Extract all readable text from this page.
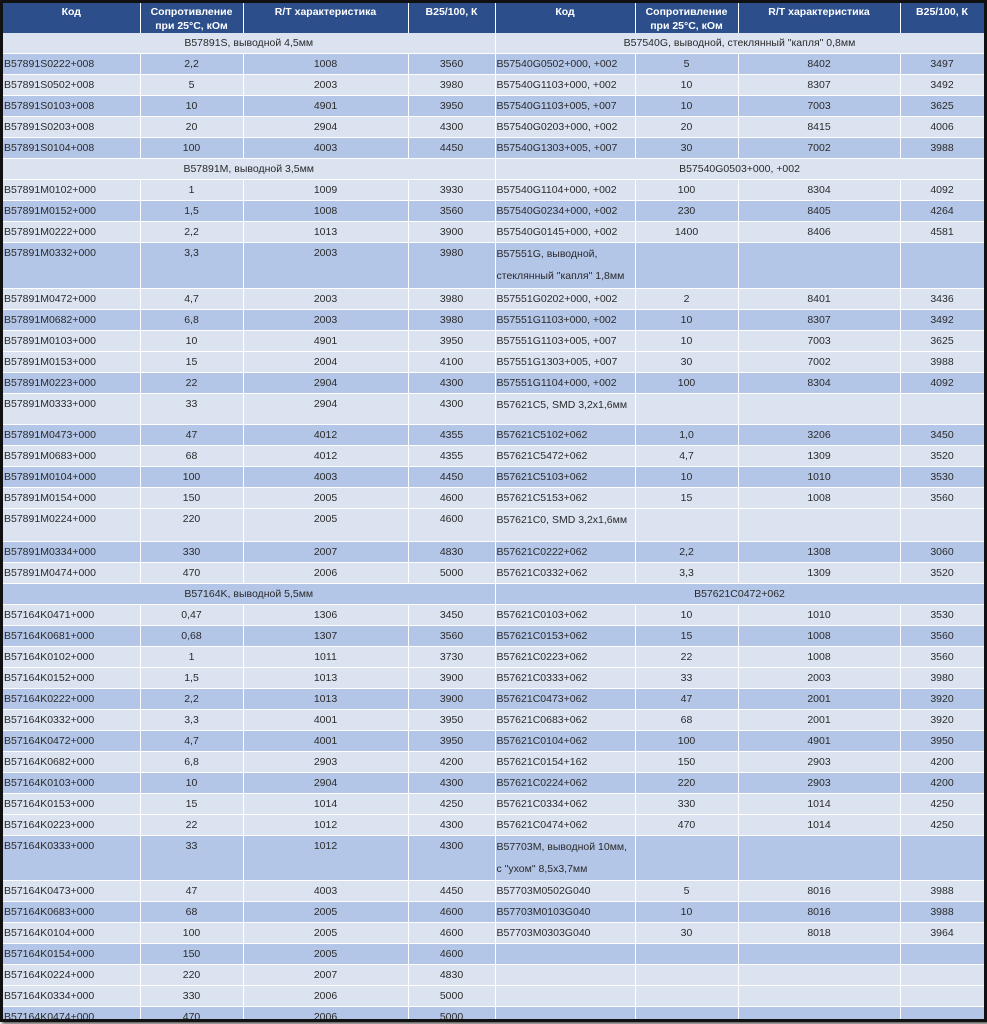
Код	Сопротивление при 25°C, кОм	R/T характеристика	B25/100, К	Код	Сопротивление при 25°C, кОм	R/T характеристика	B25/100, К
B57891S, выводной 4,5мм				B57540G, выводной, стеклянный "капля" 0,8мм			
B57891S0222+008	2,2	1008	3560	B57540G0502+000, +002	5	8402	3497
B57891S0502+008	5	2003	3980	B57540G1103+000, +002	10	8307	3492
B57891S0103+008	10	4901	3950	B57540G1103+005, +007	10	7003	3625
B57891S0203+008	20	2904	4300	B57540G0203+000, +002	20	8415	4006
B57891S0104+008	100	4003	4450	B57540G1303+005, +007	30	7002	3988
B57891M, выводной 3,5мм				B57540G0503+000, +002			
B57891M0102+000	1	1009	3930	B57540G1104+000, +002	100	8304	4092
B57891M0152+000	1,5	1008	3560	B57540G0234+000, +002	230	8405	4264
B57891M0222+000	2,2	1013	3900	B57540G0145+000, +002	1400	8406	4581
B57891M0332+000	3,3	2003	3980	B57551G, выводной, стеклянный "капля" 1,8мм			
B57891M0472+000	4,7	2003	3980	B57551G0202+000, +002	2	8401	3436
B57891M0682+000	6,8	2003	3980	B57551G1103+000, +002	10	8307	3492
B57891M0103+000	10	4901	3950	B57551G1103+005, +007	10	7003	3625
B57891M0153+000	15	2004	4100	B57551G1303+005, +007	30	7002	3988
B57891M0223+000	22	2904	4300	B57551G1104+000, +002	100	8304	4092
B57891M0333+000	33	2904	4300	B57621C5, SMD 3,2x1,6мм			
B57891M0473+000	47	4012	4355	B57621C5102+062	1,0	3206	3450
B57891M0683+000	68	4012	4355	B57621C5472+062	4,7	1309	3520
B57891M0104+000	100	4003	4450	B57621C5103+062	10	1010	3530
B57891M0154+000	150	2005	4600	B57621C5153+062	15	1008	3560
B57891M0224+000	220	2005	4600	B57621C0, SMD 3,2x1,6мм			
B57891M0334+000	330	2007	4830	B57621C0222+062	2,2	1308	3060
B57891M0474+000	470	2006	5000	B57621C0332+062	3,3	1309	3520
B57164K, выводной 5,5мм				B57621C0472+062			
B57164K0471+000	0,47	1306	3450	B57621C0103+062	10	1010	3530
B57164K0681+000	0,68	1307	3560	B57621C0153+062	15	1008	3560
B57164K0102+000	1	1011	3730	B57621C0223+062	22	1008	3560
B57164K0152+000	1,5	1013	3900	B57621C0333+062	33	2003	3980
B57164K0222+000	2,2	1013	3900	B57621C0473+062	47	2001	3920
B57164K0332+000	3,3	4001	3950	B57621C0683+062	68	2001	3920
B57164K0472+000	4,7	4001	3950	B57621C0104+062	100	4901	3950
B57164K0682+000	6,8	2903	4200	B57621C0154+162	150	2903	4200
B57164K0103+000	10	2904	4300	B57621C0224+062	220	2903	4200
B57164K0153+000	15	1014	4250	B57621C0334+062	330	1014	4250
B57164K0223+000	22	1012	4300	B57621C0474+062	470	1014	4250
B57164K0333+000	33	1012	4300	B57703M, выводной 10мм, с "ухом" 8,5x3,7мм			
B57164K0473+000	47	4003	4450	B57703M0502G040	5	8016	3988
B57164K0683+000	68	2005	4600	B57703M0103G040	10	8016	3988
B57164K0104+000	100	2005	4600	B57703M0303G040	30	8018	3964
B57164K0154+000	150	2005	4600				
B57164K0224+000	220	2007	4830				
B57164K0334+000	330	2006	5000				
B57164K0474+000	470	2006	5000				
